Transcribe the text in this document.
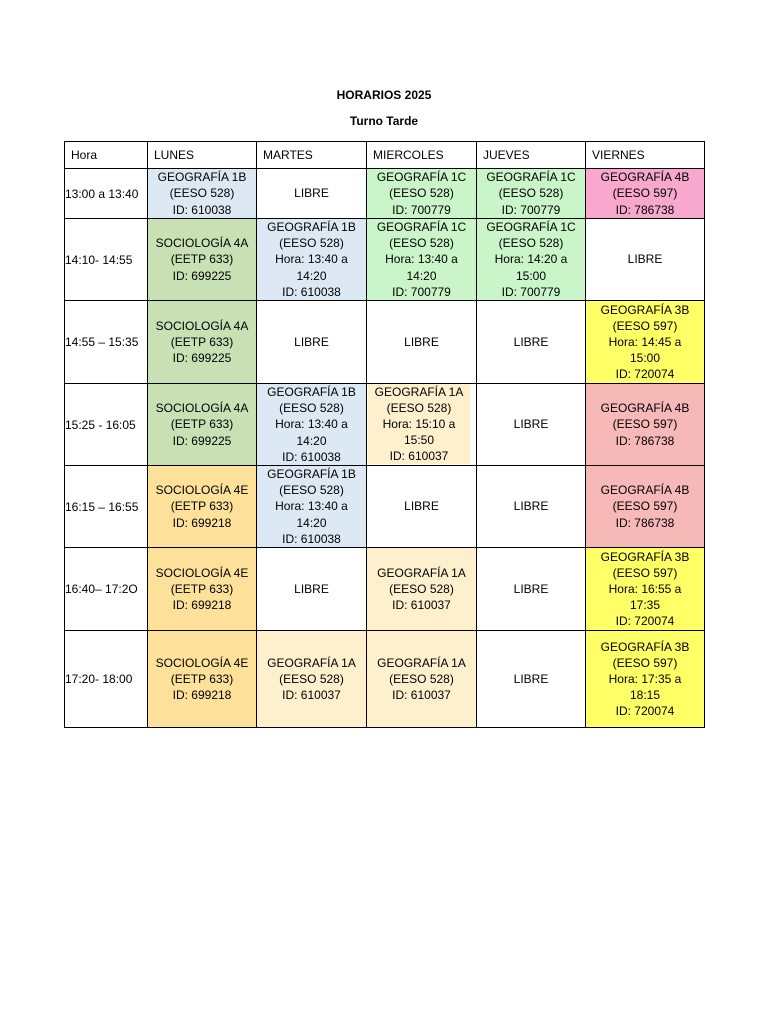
HORARIOS 2025
Turno Tarde
Hora	LUNES	MARTES	MIERCOLES	JUEVES	VIERNES
13:00 a 13:40	GEOGRAFÍA 1B
(EESO 528)
ID: 610038	LIBRE	GEOGRAFÍA 1C
(EESO 528)
ID: 700779	GEOGRAFÍA 1C
(EESO 528)
ID: 700779	GEOGRAFÍA 4B
(EESO 597)
ID: 786738

14:10- 14:55	SOCIOLOGÍA 4A
(EETP 633)
ID: 699225	GEOGRAFÍA 1B
(EESO 528)
Hora: 13:40 a
14:20
ID: 610038	GEOGRAFÍA 1C
(EESO 528)
Hora: 13:40 a
14:20
ID: 700779	GEOGRAFÍA 1C
(EESO 528)
Hora: 14:20 a
15:00
ID: 700779	LIBRE

14:55 – 15:35	SOCIOLOGÍA 4A
(EETP 633)
ID: 699225	LIBRE	LIBRE	LIBRE	GEOGRAFÍA 3B
(EESO 597)
Hora: 14:45 a
15:00
ID: 720074

15:25 - 16:05	SOCIOLOGÍA 4A
(EETP 633)
ID: 699225	GEOGRAFÍA 1B
(EESO 528)
Hora: 13:40 a
14:20
ID: 610038	GEOGRAFÍA 1A
(EESO 528)
Hora: 15:10 a
15:50
ID: 610037	LIBRE	GEOGRAFÍA 4B
(EESO 597)
ID: 786738

16:15 – 16:55	SOCIOLOGÍA 4E
(EETP 633)
ID: 699218	GEOGRAFÍA 1B
(EESO 528)
Hora: 13:40 a
14:20
ID: 610038	LIBRE	LIBRE	GEOGRAFÍA 4B
(EESO 597)
ID: 786738

16:40– 17:2O	SOCIOLOGÍA 4E
(EETP 633)
ID: 699218	LIBRE	GEOGRAFÍA 1A
(EESO 528)
ID: 610037	LIBRE	GEOGRAFÍA 3B
(EESO 597)
Hora: 16:55 a
17:35
ID: 720074

17:20- 18:00	SOCIOLOGÍA 4E
(EETP 633)
ID: 699218	GEOGRAFÍA 1A
(EESO 528)
ID: 610037	GEOGRAFÍA 1A
(EESO 528)
ID: 610037	LIBRE	GEOGRAFÍA 3B
(EESO 597)
Hora: 17:35 a
18:15
ID: 720074
